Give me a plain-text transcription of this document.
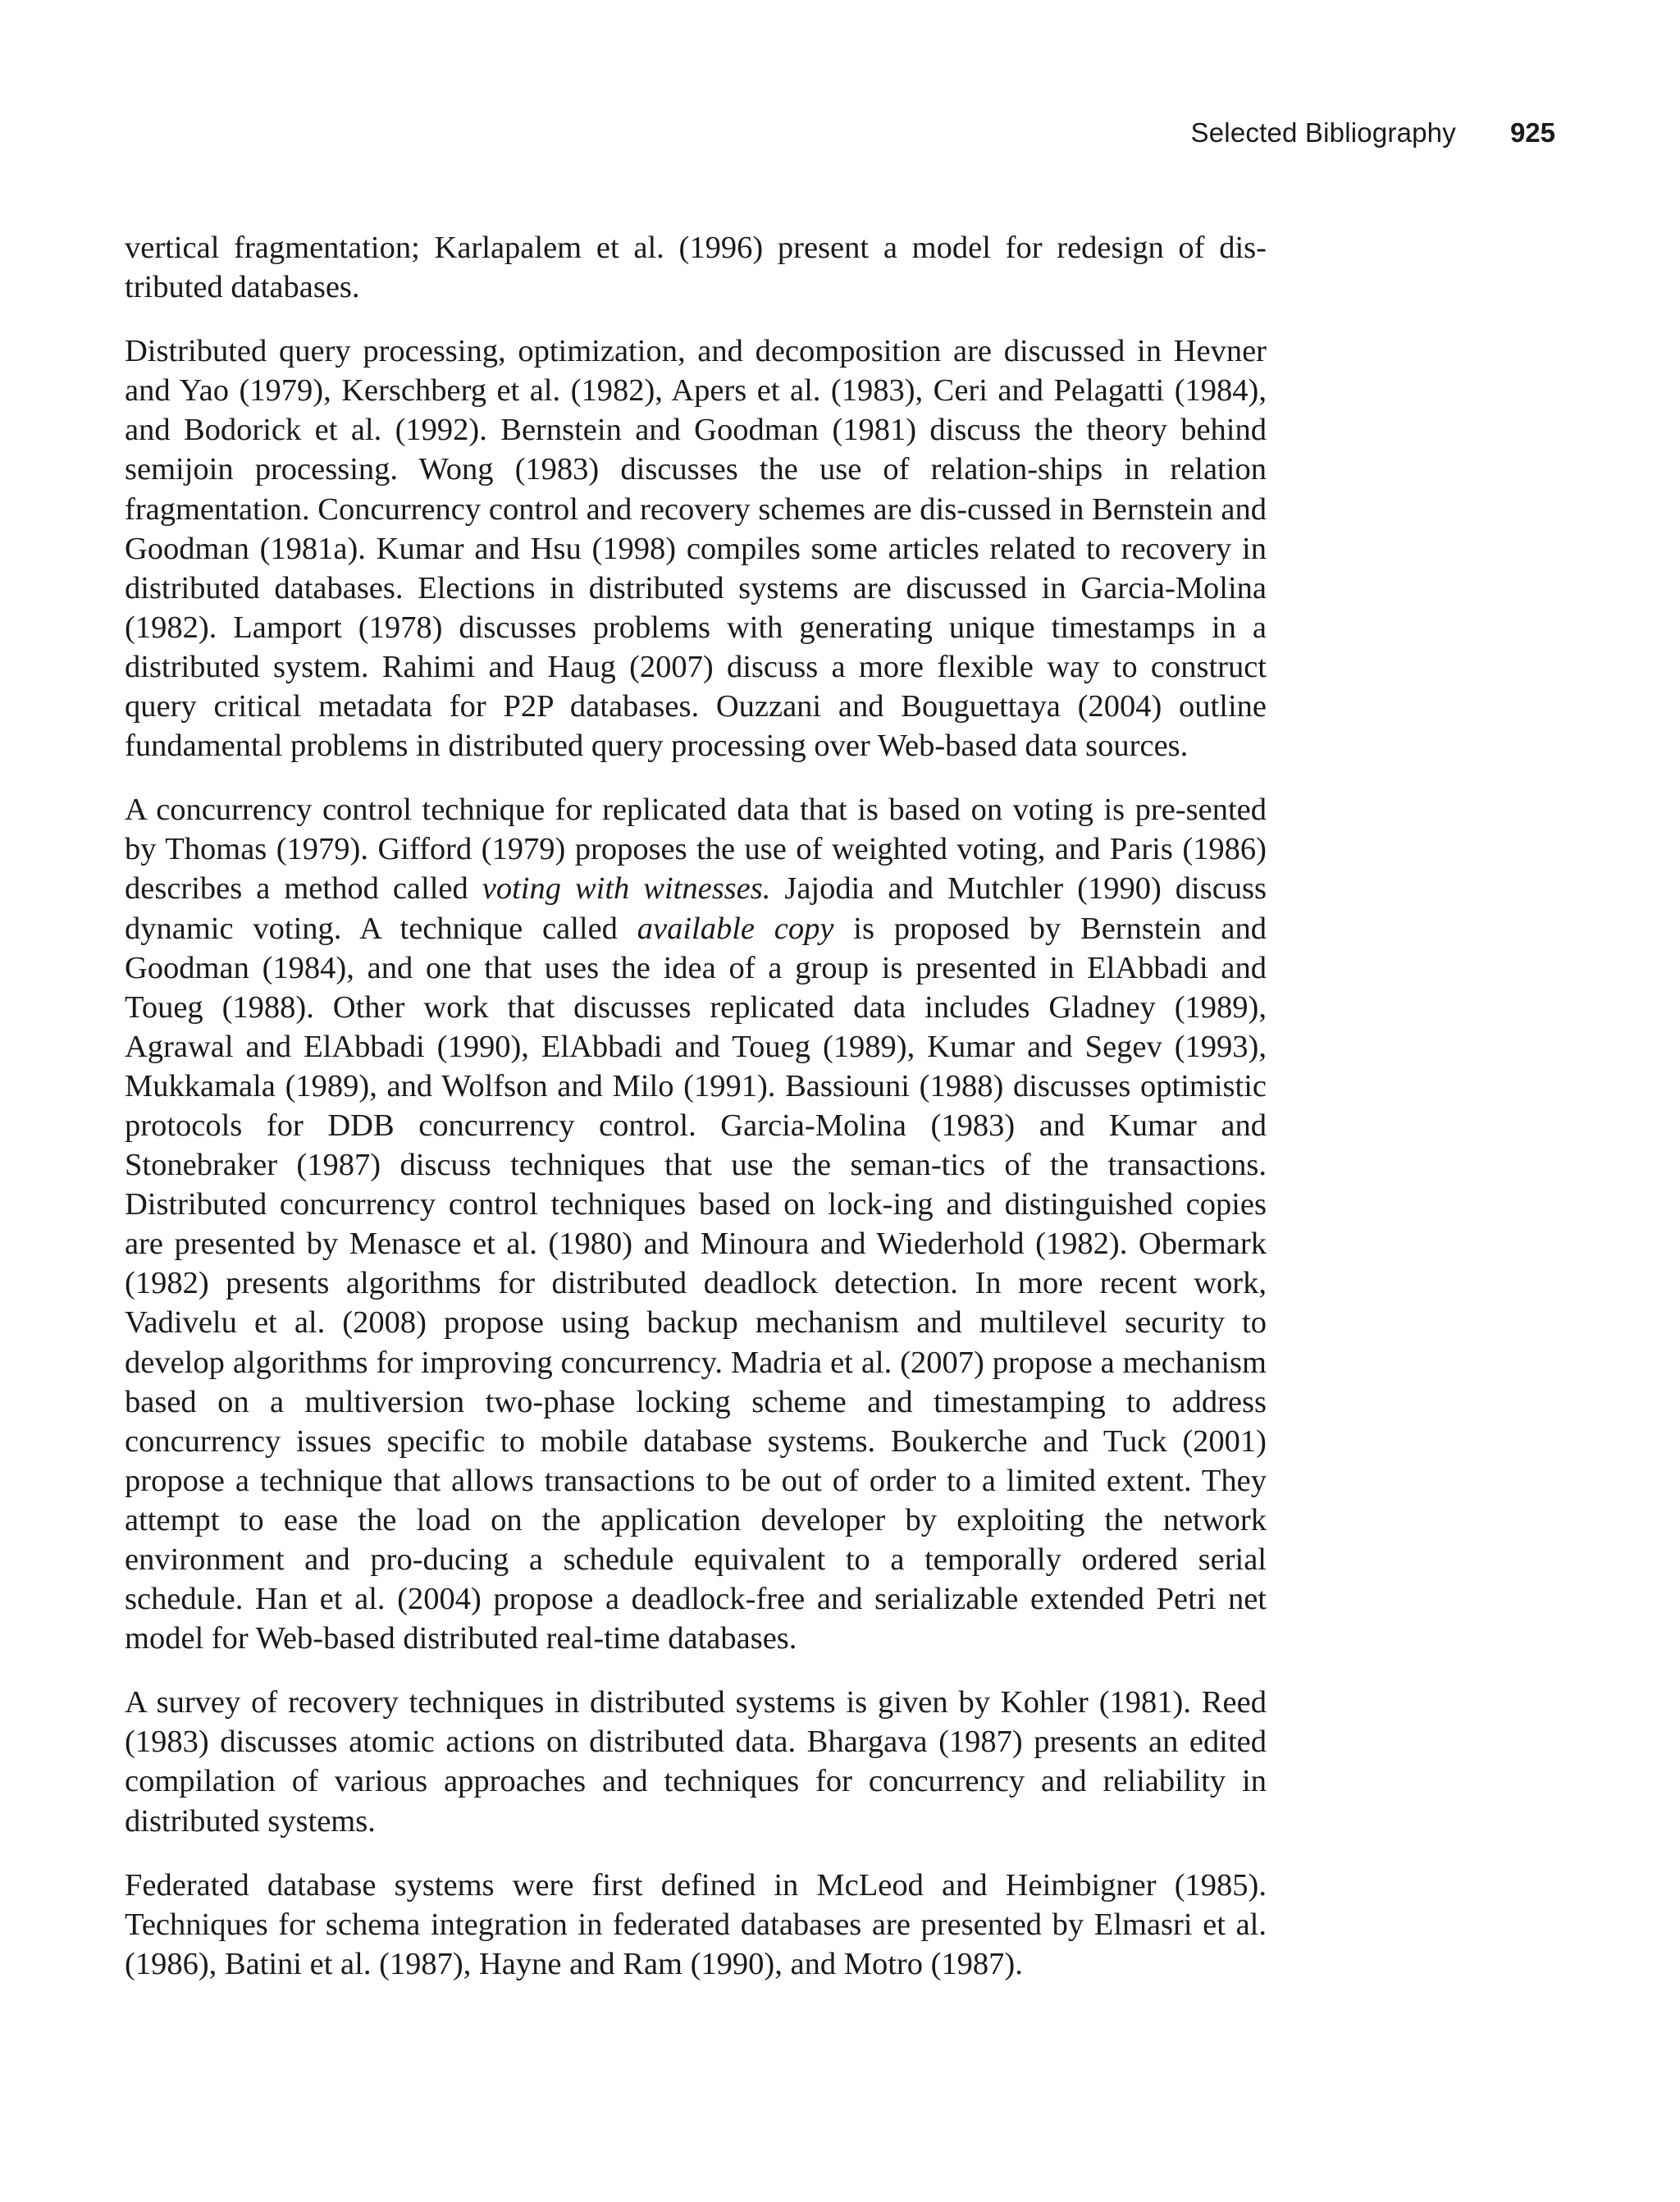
Selected Bibliography 925

vertical fragmentation; Karlapalem et al. (1996) present a model for redesign of dis-tributed databases.

Distributed query processing, optimization, and decomposition are discussed in Hevner and Yao (1979), Kerschberg et al. (1982), Apers et al. (1983), Ceri and Pelagatti (1984), and Bodorick et al. (1992). Bernstein and Goodman (1981) discuss the theory behind semijoin processing. Wong (1983) discusses the use of relation-ships in relation fragmentation. Concurrency control and recovery schemes are dis-cussed in Bernstein and Goodman (1981a). Kumar and Hsu (1998) compiles some articles related to recovery in distributed databases. Elections in distributed systems are discussed in Garcia-Molina (1982). Lamport (1978) discusses problems with generating unique timestamps in a distributed system. Rahimi and Haug (2007) discuss a more flexible way to construct query critical metadata for P2P databases. Ouzzani and Bouguettaya (2004) outline fundamental problems in distributed query processing over Web-based data sources.

A concurrency control technique for replicated data that is based on voting is pre-sented by Thomas (1979). Gifford (1979) proposes the use of weighted voting, and Paris (1986) describes a method called voting with witnesses. Jajodia and Mutchler (1990) discuss dynamic voting. A technique called available copy is proposed by Bernstein and Goodman (1984), and one that uses the idea of a group is presented in ElAbbadi and Toueg (1988). Other work that discusses replicated data includes Gladney (1989), Agrawal and ElAbbadi (1990), ElAbbadi and Toueg (1989), Kumar and Segev (1993), Mukkamala (1989), and Wolfson and Milo (1991). Bassiouni (1988) discusses optimistic protocols for DDB concurrency control. Garcia-Molina (1983) and Kumar and Stonebraker (1987) discuss techniques that use the seman-tics of the transactions. Distributed concurrency control techniques based on lock-ing and distinguished copies are presented by Menasce et al. (1980) and Minoura and Wiederhold (1982). Obermark (1982) presents algorithms for distributed deadlock detection. In more recent work, Vadivelu et al. (2008) propose using backup mechanism and multilevel security to develop algorithms for improving concurrency. Madria et al. (2007) propose a mechanism based on a multiversion two-phase locking scheme and timestamping to address concurrency issues specific to mobile database systems. Boukerche and Tuck (2001) propose a technique that allows transactions to be out of order to a limited extent. They attempt to ease the load on the application developer by exploiting the network environment and pro-ducing a schedule equivalent to a temporally ordered serial schedule. Han et al. (2004) propose a deadlock-free and serializable extended Petri net model for Web-based distributed real-time databases.

A survey of recovery techniques in distributed systems is given by Kohler (1981). Reed (1983) discusses atomic actions on distributed data. Bhargava (1987) presents an edited compilation of various approaches and techniques for concurrency and reliability in distributed systems.

Federated database systems were first defined in McLeod and Heimbigner (1985). Techniques for schema integration in federated databases are presented by Elmasri et al. (1986), Batini et al. (1987), Hayne and Ram (1990), and Motro (1987).
